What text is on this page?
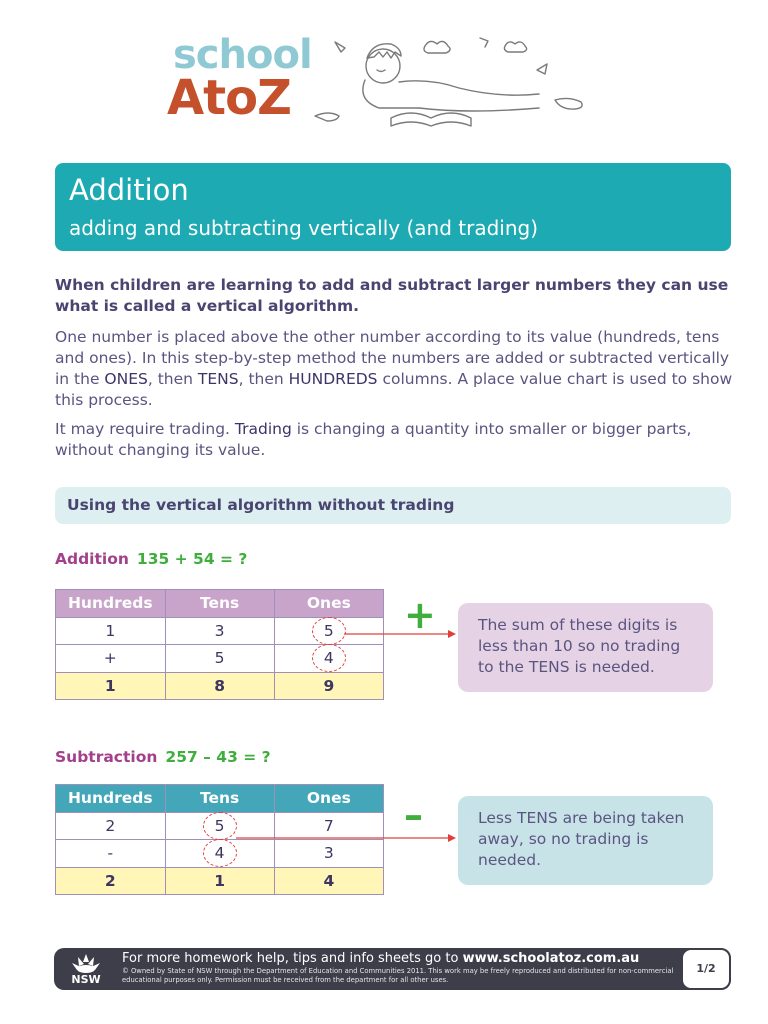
school
AtoZ
Addition
adding and subtracting vertically (and trading)
When children are learning to add and subtract larger numbers they can use what is called a vertical algorithm.
One number is placed above the other number according to its value (hundreds, tens and ones). In this step-by-step method the numbers are added or subtracted vertically in the ONES, then TENS, then HUNDREDS columns. A place value chart is used to show this process.
It may require trading. Trading is changing a quantity into smaller or bigger parts, without changing its value.
Using the vertical algorithm without trading
Addition 135 + 54 = ?
Hundreds	Tens	Ones
1	3	5
+	5	4
1	8	9
+	The sum of these digits is less than 10 so no trading to the TENS is needed.
Subtraction 257 – 43 = ?
Hundreds	Tens	Ones
2	5	7
-	4	3
2	1	4
–	Less TENS are being taken away, so no trading is needed.
NSW
For more homework help, tips and info sheets go to www.schoolatoz.com.au
© Owned by State of NSW through the Department of Education and Communities 2011. This work may be freely reproduced and distributed for non-commercial educational purposes only. Permission must be received from the department for all other uses.
1/2
